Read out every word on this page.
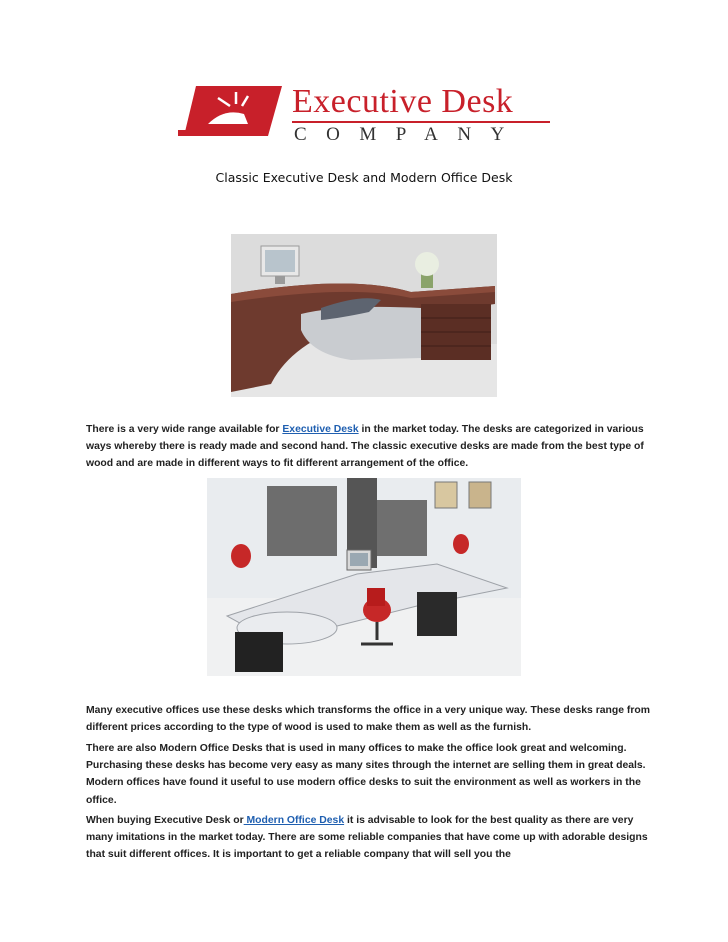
Executive Desk
COMPANY
Classic Executive Desk and Modern Office Desk

There is a very wide range available for Executive Desk in the market today. The desks are categorized in various ways whereby there is ready made and second hand. The classic executive desks are made from the best type of wood and are made in different ways to fit different arrangement of the office.

Many executive offices use these desks which transforms the office in a very unique way. These desks range from different prices according to the type of wood is used to make them as well as the furnish.

There are also Modern Office Desks that is used in many offices to make the office look great and welcoming. Purchasing these desks has become very easy as many sites through the internet are selling them in great deals. Modern offices have found it useful to use modern office desks to suit the environment as well as workers in the office.

When buying Executive Desk or Modern Office Desk it is advisable to look for the best quality as there are very many imitations in the market today. There are some reliable companies that have come up with adorable designs that suit different offices. It is important to get a reliable company that will sell you the
